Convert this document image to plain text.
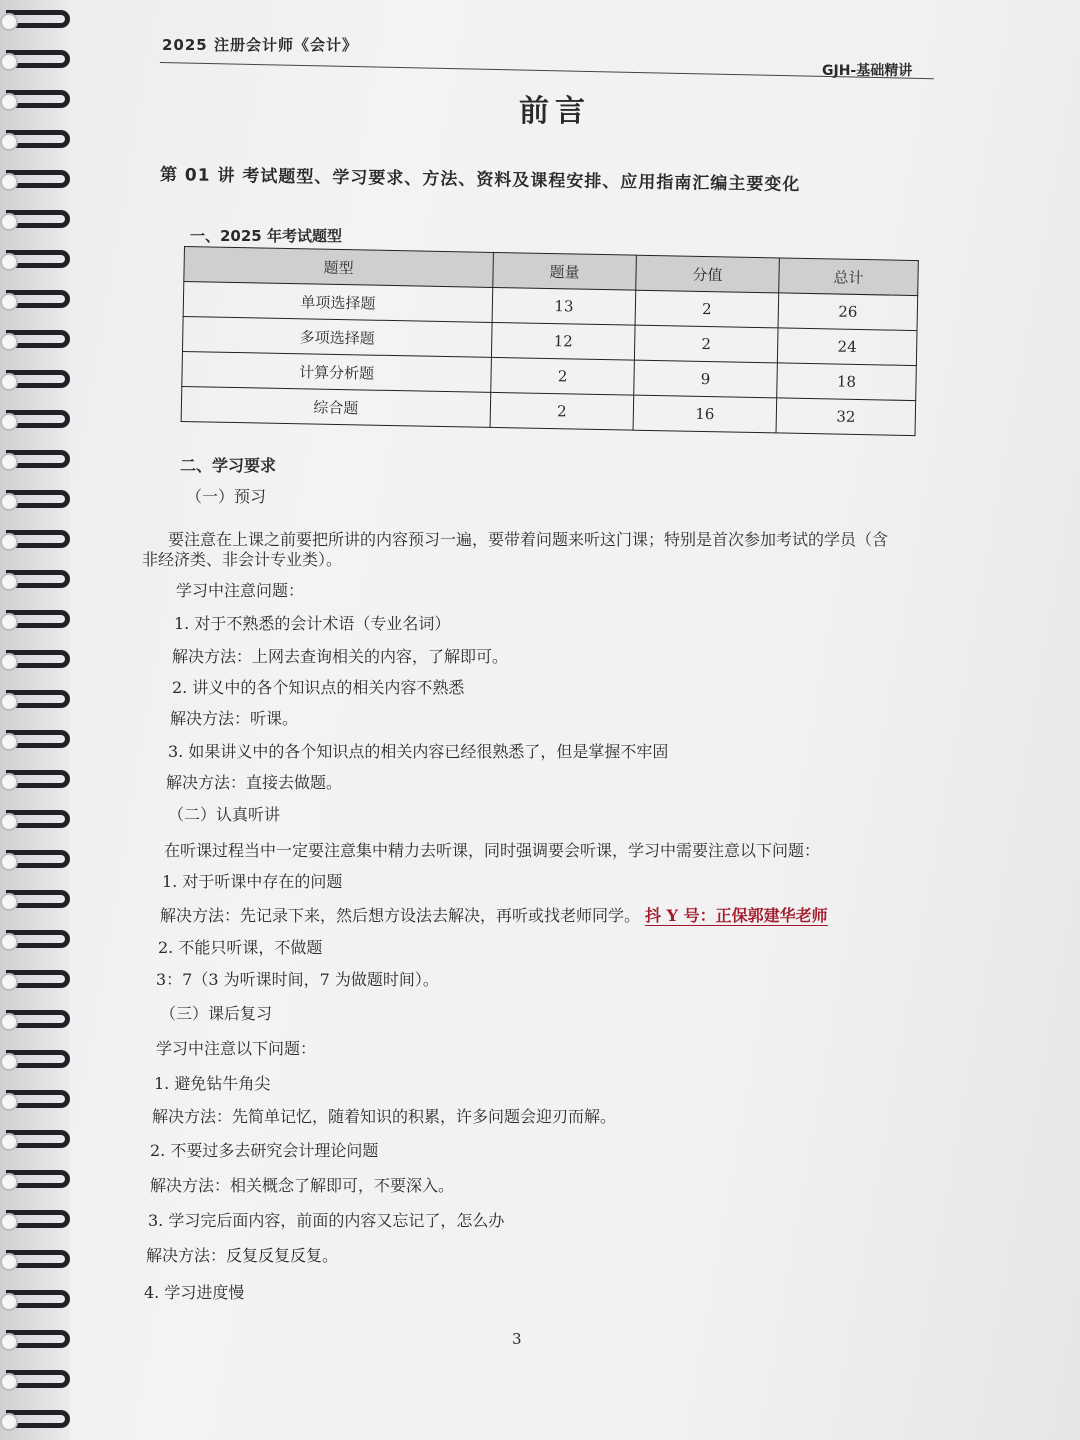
2025 注册会计师《会计》
GJH-基础精讲
前言
第 01 讲 考试题型、学习要求、方法、资料及课程安排、应用指南汇编主要变化
一、2025 年考试题型
题型	题量	分值	总计
单项选择题	13	2	26
多项选择题	12	2	24
计算分析题	2	9	18
综合题	2	16	32
二、学习要求
（一）预习
要注意在上课之前要把所讲的内容预习一遍，要带着问题来听这门课；特别是首次参加考试的学员（含
非经济类、非会计专业类）。
学习中注意问题：
1. 对于不熟悉的会计术语（专业名词）
解决方法：上网去查询相关的内容，了解即可。
2. 讲义中的各个知识点的相关内容不熟悉
解决方法：听课。
3. 如果讲义中的各个知识点的相关内容已经很熟悉了，但是掌握不牢固
解决方法：直接去做题。
（二）认真听讲
在听课过程当中一定要注意集中精力去听课，同时强调要会听课，学习中需要注意以下问题：
1. 对于听课中存在的问题
解决方法：先记录下来，然后想方设法去解决，再听或找老师同学。 抖 Y 号：正保郭建华老师
2. 不能只听课，不做题
3：7（3 为听课时间，7 为做题时间）。
（三）课后复习
学习中注意以下问题：
1. 避免钻牛角尖
解决方法：先简单记忆，随着知识的积累，许多问题会迎刃而解。
2. 不要过多去研究会计理论问题
解决方法：相关概念了解即可，不要深入。
3. 学习完后面内容，前面的内容又忘记了，怎么办
解决方法：反复反复反复。
4. 学习进度慢
3
